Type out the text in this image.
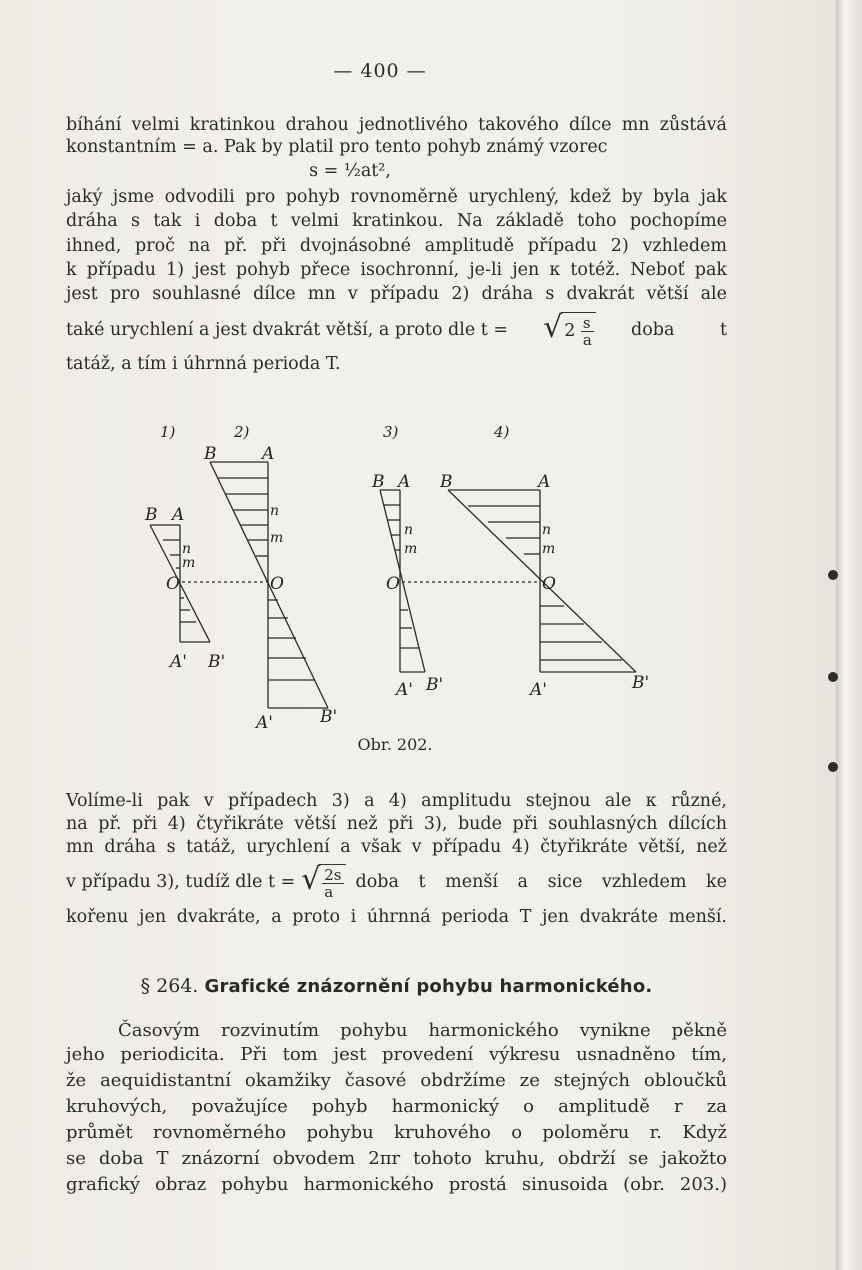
— 400 —
bíhání velmi kratinkou drahou jednotlivého takového dílce mn zůstává
konstantním = a. Pak by platil pro tento pohyb známý vzorec
s = ½at²,
jaký jsme odvodili pro pohyb rovnoměrně urychlený, kdež by byla jak
dráha s tak i doba t velmi kratinkou. Na základě toho pochopíme
ihned, proč na př. při dvojnásobné amplitudě případu 2) vzhledem
k případu 1) jest pohyb přece isochronní, je-li jen κ totéž. Neboť pak
jest pro souhlasné dílce mn v případu 2) dráha s dvakrát větší ale
také urychlení a jest dvakrát větší, a proto dle t = √ $2 \frac{s}{a}$ doba t
tatáž, a tím i úhrnná perioda T.
1)	2)	3)	4)
B A
n
m
O
A' B'
B	A
n
m
O
A'	B'
B A
n
m
O
A' B'
B	A
n
m
O
A'	B'
Obr. 202.
Volíme-li pak v případech 3) a 4) amplitudu stejnou ale κ různé,
na př. při 4) čtyřikráte větší než při 3), bude při souhlasných dílcích
mn dráha s tatáž, urychlení a však v případu 4) čtyřikráte větší, než
v případu 3), tudíž dle t = √ $\frac{2s}{a}$ doba t menší a sice vzhledem ke
kořenu jen dvakráte, a proto i úhrnná perioda T jen dvakráte menší.
§ 264. Grafické znázornění pohybu harmonického.
Časovým rozvinutím pohybu harmonického vynikne pěkně
jeho periodicita. Při tom jest provedení výkresu usnadněno tím,
že aequidistantní okamžiky časové obdržíme ze stejných obloučků
kruhových, považujíce pohyb harmonický o amplitudě r za
průmět rovnoměrného pohybu kruhového o poloměru r. Když
se doba T znázorní obvodem 2πr tohoto kruhu, obdrží se jakožto
grafický obraz pohybu harmonického prostá sinusoida (obr. 203.)
